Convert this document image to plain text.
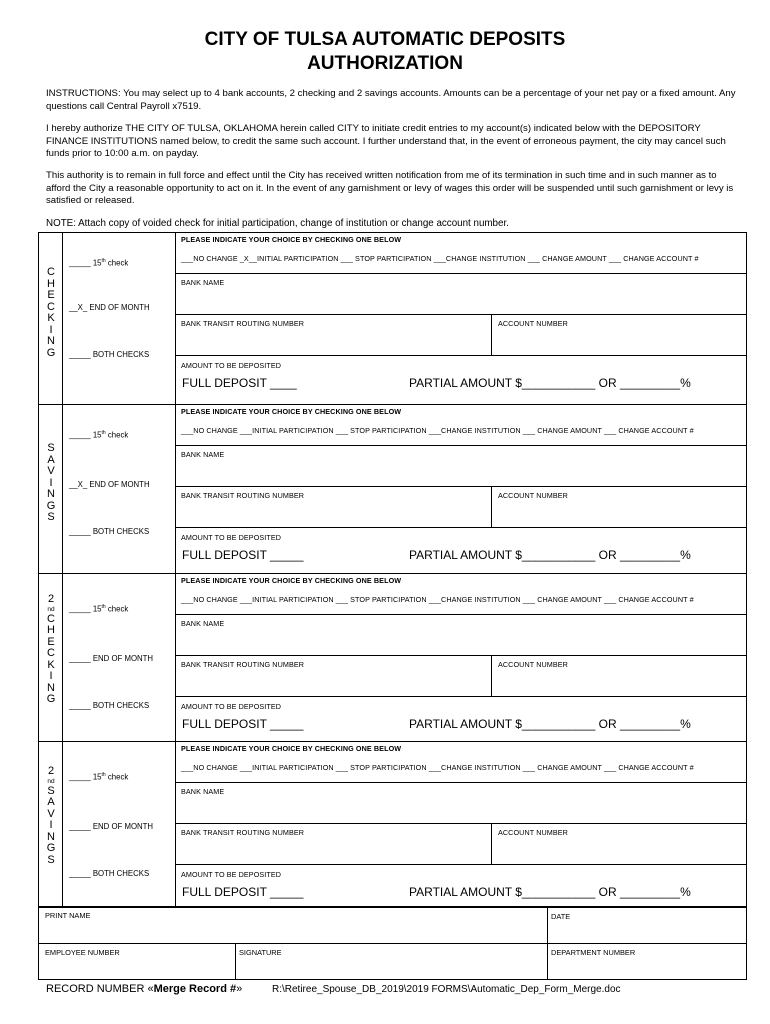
CITY OF TULSA AUTOMATIC DEPOSITS
AUTHORIZATION
INSTRUCTIONS: You may select up to 4 bank accounts, 2 checking and 2 savings accounts. Amounts can be a percentage of your net pay or a fixed amount. Any questions call Central Payroll x7519.
I hereby authorize THE CITY OF TULSA, OKLAHOMA herein called CITY to initiate credit entries to my account(s) indicated below with the DEPOSITORY FINANCE INSTITUTIONS named below, to credit the same such account. I further understand that, in the event of erroneous payment, the city may cancel such funds prior to 10:00 a.m. on payday.
This authority is to remain in full force and effect until the City has received written notification from me of its termination in such time and in such manner as to afford the City a reasonable opportunity to act on it. In the event of any garnishment or levy of wages this order will be suspended until such garnishment or levy is satisfied or released.
NOTE: Attach copy of voided check for initial participation, change of institution or change account number.
C
H
E
C
K
I
N
G
_____ 15th check
__X_ END OF MONTH
_____ BOTH CHECKS
PLEASE INDICATE YOUR CHOICE BY CHECKING ONE BELOW
___NO CHANGE _X__INITIAL PARTICIPATION ___ STOP PARTICIPATION ___CHANGE INSTITUTION ___ CHANGE AMOUNT ___ CHANGE ACCOUNT #
BANK NAME
BANK TRANSIT ROUTING NUMBER	ACCOUNT NUMBER
AMOUNT TO BE DEPOSITED
FULL DEPOSIT ____	PARTIAL AMOUNT $___________ OR _________%
S
A
V
I
N
G
S
_____ 15th check
__X_ END OF MONTH
_____ BOTH CHECKS
PLEASE INDICATE YOUR CHOICE BY CHECKING ONE BELOW
___NO CHANGE ___INITIAL PARTICIPATION ___ STOP PARTICIPATION ___CHANGE INSTITUTION ___ CHANGE AMOUNT ___ CHANGE ACCOUNT #
BANK NAME
BANK TRANSIT ROUTING NUMBER	ACCOUNT NUMBER
AMOUNT TO BE DEPOSITED
FULL DEPOSIT _____	PARTIAL AMOUNT $___________ OR _________%
2
nd
C
H
E
C
K
I
N
G
_____ 15th check
_____ END OF MONTH
_____ BOTH CHECKS
PLEASE INDICATE YOUR CHOICE BY CHECKING ONE BELOW
___NO CHANGE ___INITIAL PARTICIPATION ___ STOP PARTICIPATION ___CHANGE INSTITUTION ___ CHANGE AMOUNT ___ CHANGE ACCOUNT #
BANK NAME
BANK TRANSIT ROUTING NUMBER	ACCOUNT NUMBER
AMOUNT TO BE DEPOSITED
FULL DEPOSIT _____	PARTIAL AMOUNT $___________ OR _________%
2
nd
S
A
V
I
N
G
S
_____ 15th check
_____ END OF MONTH
_____ BOTH CHECKS
PLEASE INDICATE YOUR CHOICE BY CHECKING ONE BELOW
___NO CHANGE ___INITIAL PARTICIPATION ___ STOP PARTICIPATION ___CHANGE INSTITUTION ___ CHANGE AMOUNT ___ CHANGE ACCOUNT #
BANK NAME
BANK TRANSIT ROUTING NUMBER	ACCOUNT NUMBER
AMOUNT TO BE DEPOSITED
FULL DEPOSIT _____	PARTIAL AMOUNT $___________ OR _________%
PRINT NAME	DATE
EMPLOYEE NUMBER	SIGNATURE	DEPARTMENT NUMBER
RECORD NUMBER «Merge Record #»	R:\Retiree_Spouse_DB_2019\2019 FORMS\Automatic_Dep_Form_Merge.doc
